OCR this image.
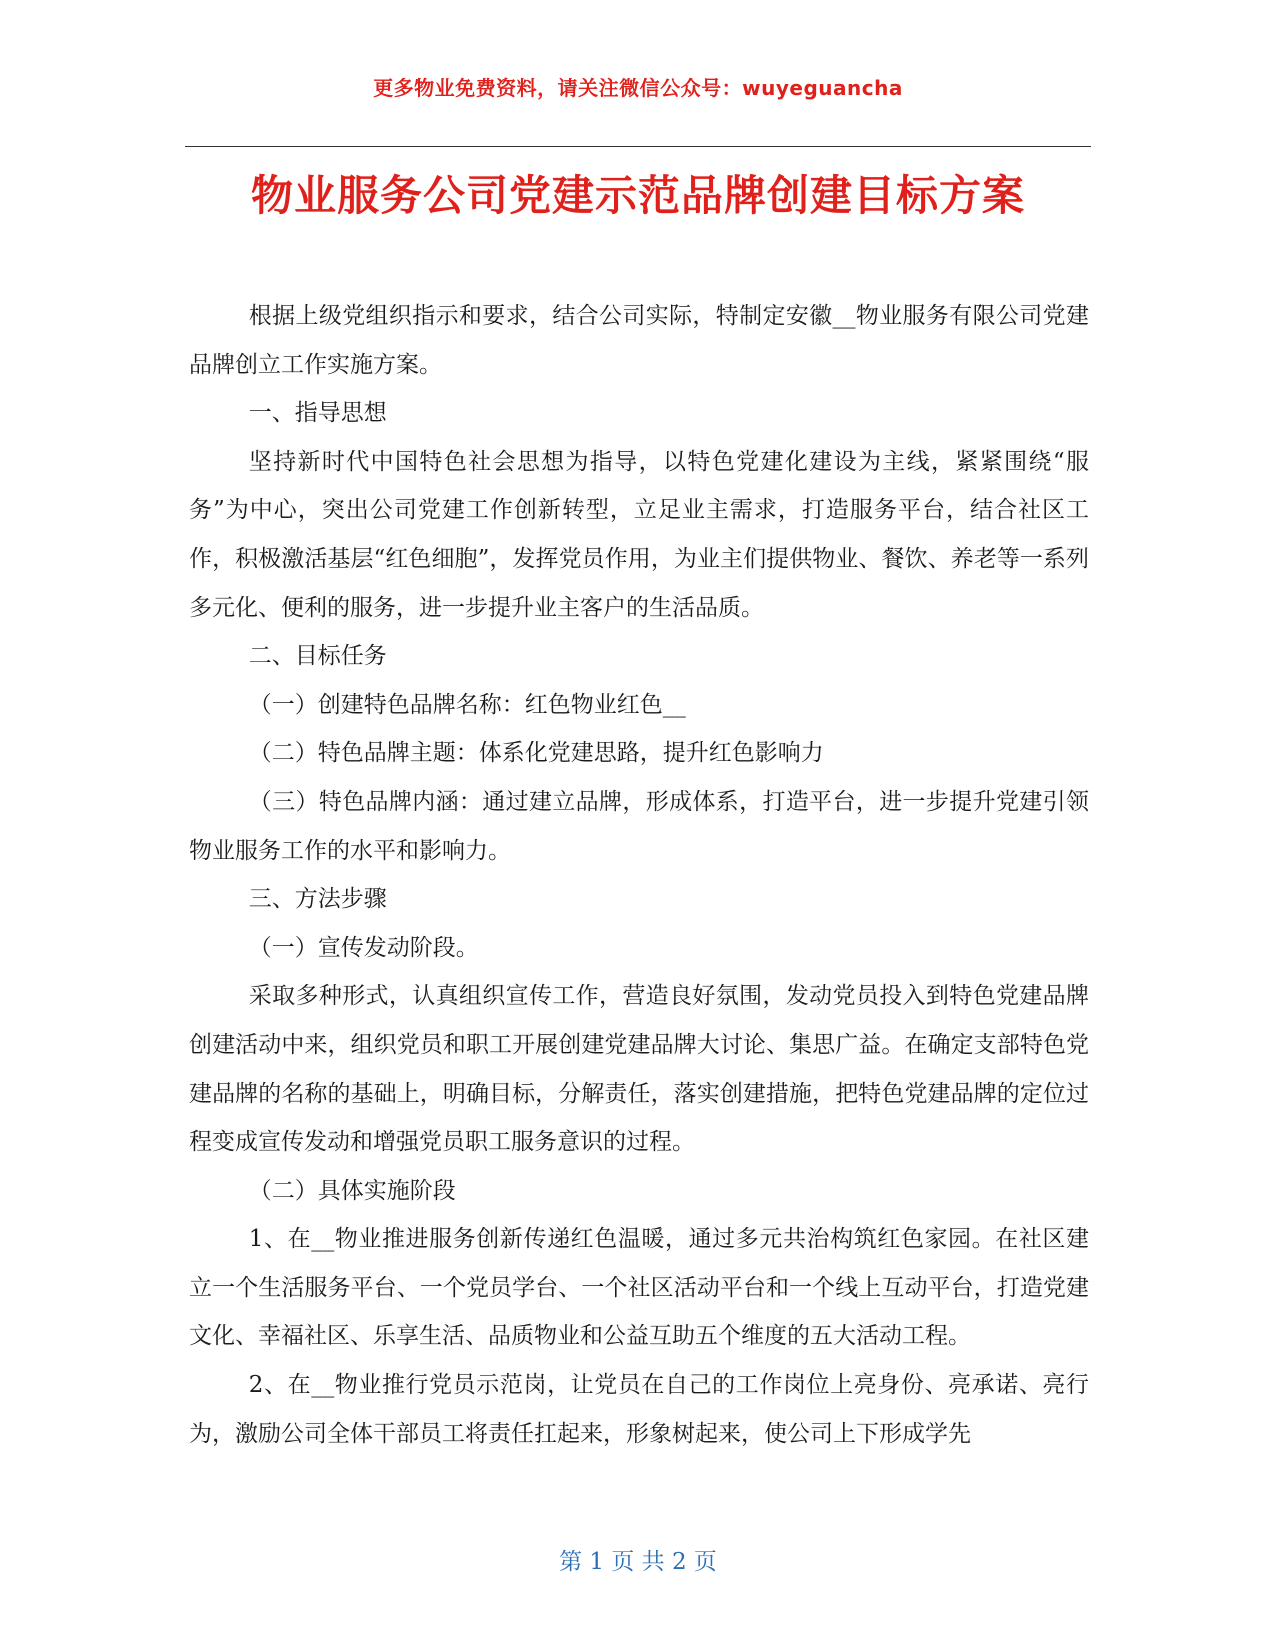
更多物业免费资料，请关注微信公众号：wuyeguancha
物业服务公司党建示范品牌创建目标方案

根据上级党组织指示和要求，结合公司实际，特制定安徽__物业服务有限公司党建品牌创立工作实施方案。

一、指导思想

坚持新时代中国特色社会思想为指导，以特色党建化建设为主线，紧紧围绕“服务”为中心，突出公司党建工作创新转型，立足业主需求，打造服务平台，结合社区工作，积极激活基层“红色细胞”，发挥党员作用，为业主们提供物业、餐饮、养老等一系列多元化、便利的服务，进一步提升业主客户的生活品质。

二、目标任务

（一）创建特色品牌名称：红色物业红色__

（二）特色品牌主题：体系化党建思路，提升红色影响力

（三）特色品牌内涵：通过建立品牌，形成体系，打造平台，进一步提升党建引领物业服务工作的水平和影响力。

三、方法步骤

（一）宣传发动阶段。

采取多种形式，认真组织宣传工作，营造良好氛围，发动党员投入到特色党建品牌创建活动中来，组织党员和职工开展创建党建品牌大讨论、集思广益。在确定支部特色党建品牌的名称的基础上，明确目标，分解责任，落实创建措施，把特色党建品牌的定位过程变成宣传发动和增强党员职工服务意识的过程。

（二）具体实施阶段

1、在__物业推进服务创新传递红色温暖，通过多元共治构筑红色家园。在社区建立一个生活服务平台、一个党员学台、一个社区活动平台和一个线上互动平台，打造党建文化、幸福社区、乐享生活、品质物业和公益互助五个维度的五大活动工程。

2、在__物业推行党员示范岗，让党员在自己的工作岗位上亮身份、亮承诺、亮行为，激励公司全体干部员工将责任扛起来，形象树起来，使公司上下形成学先

第 1 页 共 2 页
